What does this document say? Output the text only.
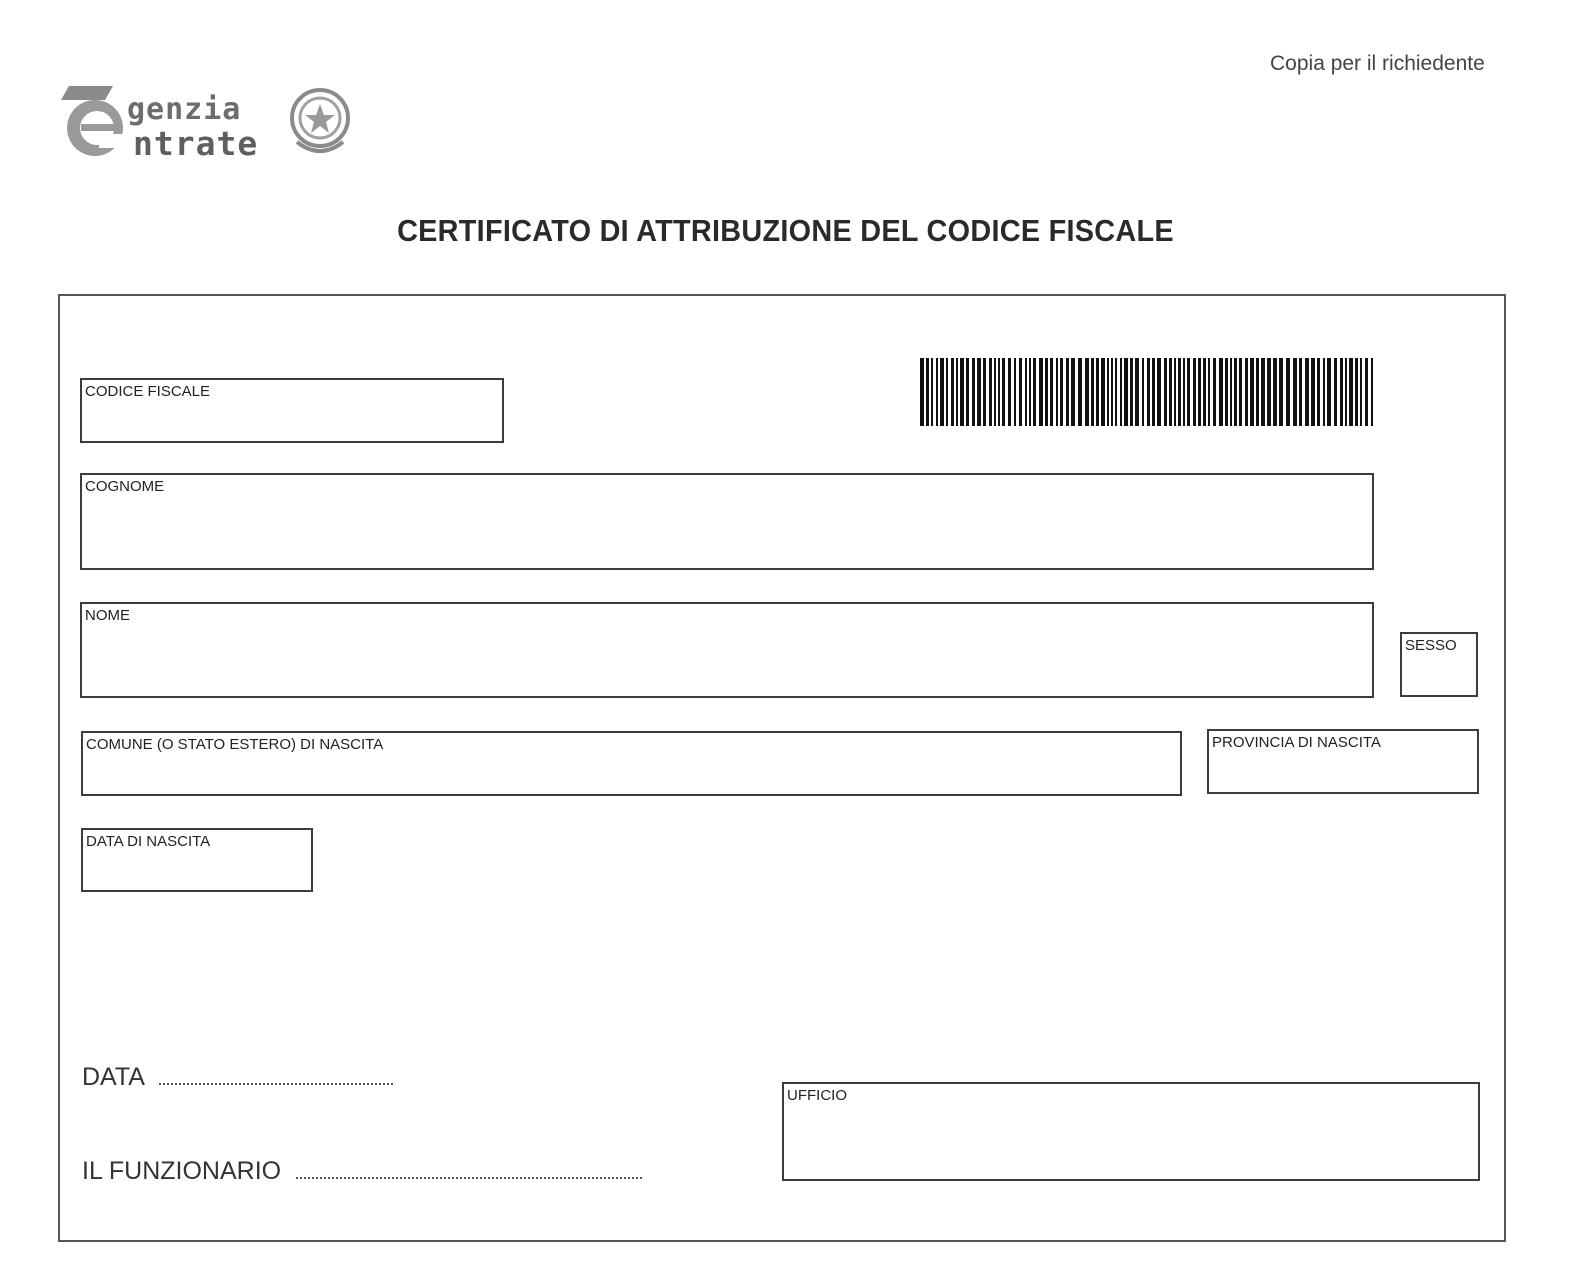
Copia per il richiedente
genzia
ntrate
CERTIFICATO DI ATTRIBUZIONE DEL CODICE FISCALE
CODICE FISCALE
COGNOME
NOME
SESSO
COMUNE (O STATO ESTERO) DI NASCITA	PROVINCIA DI NASCITA
DATA DI NASCITA
UFFICIO
DATA
IL FUNZIONARIO
